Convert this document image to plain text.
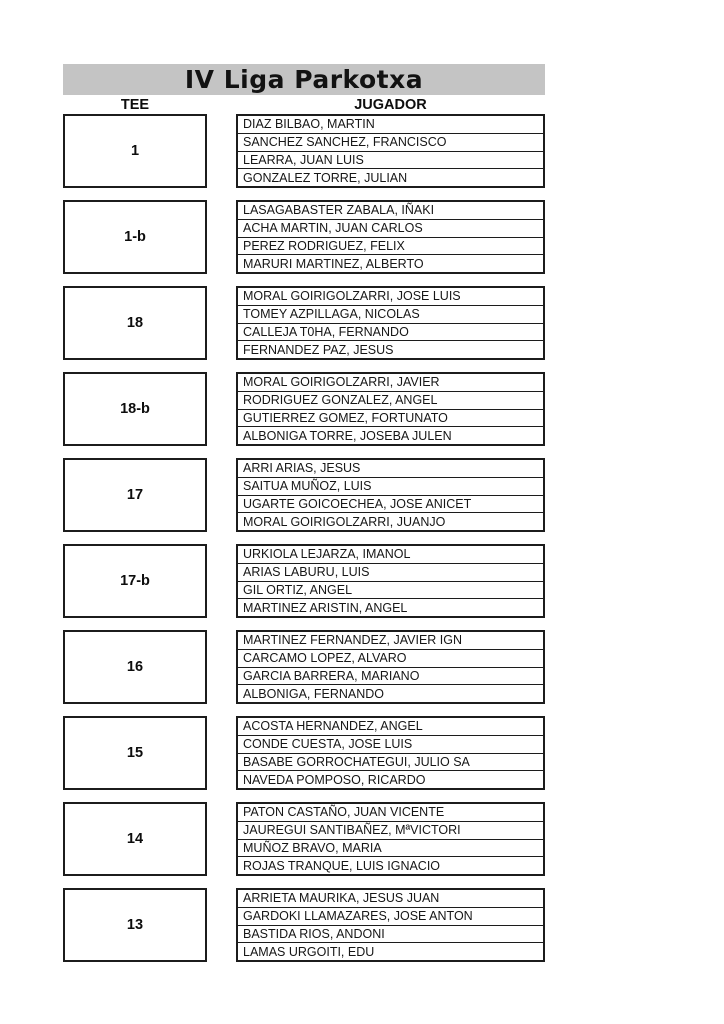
IV Liga Parkotxa
TEE	JUGADOR
1
DIAZ BILBAO, MARTIN
SANCHEZ SANCHEZ, FRANCISCO
LEARRA, JUAN LUIS
GONZALEZ TORRE, JULIAN
1-b
LASAGABASTER ZABALA, IÑAKI
ACHA MARTIN, JUAN CARLOS
PEREZ RODRIGUEZ, FELIX
MARURI MARTINEZ, ALBERTO
18
MORAL GOIRIGOLZARRI, JOSE LUIS
TOMEY AZPILLAGA, NICOLAS
CALLEJA T0HA, FERNANDO
FERNANDEZ PAZ, JESUS
18-b
MORAL GOIRIGOLZARRI, JAVIER
RODRIGUEZ GONZALEZ, ANGEL
GUTIERREZ GOMEZ, FORTUNATO
ALBONIGA TORRE, JOSEBA JULEN
17
ARRI ARIAS, JESUS
SAITUA MUÑOZ, LUIS
UGARTE GOICOECHEA, JOSE ANICET
MORAL GOIRIGOLZARRI, JUANJO
17-b
URKIOLA LEJARZA, IMANOL
ARIAS LABURU, LUIS
GIL ORTIZ, ANGEL
MARTINEZ ARISTIN, ANGEL
16
MARTINEZ FERNANDEZ, JAVIER IGN
CARCAMO LOPEZ, ALVARO
GARCIA BARRERA, MARIANO
ALBONIGA, FERNANDO
15
ACOSTA HERNANDEZ, ANGEL
CONDE CUESTA, JOSE LUIS
BASABE GORROCHATEGUI, JULIO SA
NAVEDA POMPOSO, RICARDO
14
PATON CASTAÑO, JUAN VICENTE
JAUREGUI SANTIBAÑEZ, MªVICTORI
MUÑOZ BRAVO, MARIA
ROJAS TRANQUE, LUIS IGNACIO
13
ARRIETA MAURIKA, JESUS JUAN
GARDOKI LLAMAZARES, JOSE ANTON
BASTIDA RIOS, ANDONI
LAMAS URGOITI, EDU
